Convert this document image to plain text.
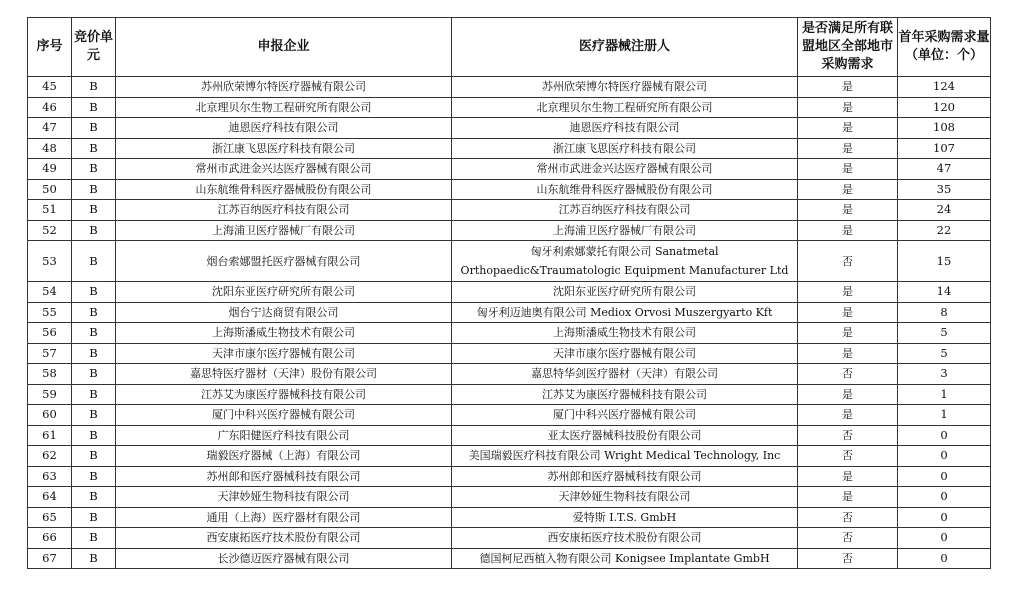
序号	竞价单元	申报企业	医疗器械注册人	是否满足所有联盟地区全部地市采购需求	首年采购需求量（单位：个）
45	B	苏州欣荣博尔特医疗器械有限公司	苏州欣荣博尔特医疗器械有限公司	是	124
46	B	北京理贝尔生物工程研究所有限公司	北京理贝尔生物工程研究所有限公司	是	120
47	B	迪恩医疗科技有限公司	迪恩医疗科技有限公司	是	108
48	B	浙江康飞思医疗科技有限公司	浙江康飞思医疗科技有限公司	是	107
49	B	常州市武进金兴达医疗器械有限公司	常州市武进金兴达医疗器械有限公司	是	47
50	B	山东航维骨科医疗器械股份有限公司	山东航维骨科医疗器械股份有限公司	是	35
51	B	江苏百纳医疗科技有限公司	江苏百纳医疗科技有限公司	是	24
52	B	上海浦卫医疗器械厂有限公司	上海浦卫医疗器械厂有限公司	是	22
53	B	烟台索娜盟托医疗器械有限公司	匈牙利索娜蒙托有限公司 Sanatmetal
Orthopaedic&Traumatologic Equipment Manufacturer Ltd	否	15
54	B	沈阳东亚医疗研究所有限公司	沈阳东亚医疗研究所有限公司	是	14
55	B	烟台宁达商贸有限公司	匈牙利迈迪奥有限公司 Mediox Orvosi Muszergyarto Kft	是	8
56	B	上海斯潘威生物技术有限公司	上海斯潘威生物技术有限公司	是	5
57	B	天津市康尔医疗器械有限公司	天津市康尔医疗器械有限公司	是	5
58	B	嘉思特医疗器材（天津）股份有限公司	嘉思特华剑医疗器材（天津）有限公司	否	3
59	B	江苏艾为康医疗器械科技有限公司	江苏艾为康医疗器械科技有限公司	是	1
60	B	厦门中科兴医疗器械有限公司	厦门中科兴医疗器械有限公司	是	1
61	B	广东阳健医疗科技有限公司	亚太医疗器械科技股份有限公司	否	0
62	B	瑞毅医疗器械（上海）有限公司	美国瑞毅医疗科技有限公司 Wright Medical Technology, Inc	否	0
63	B	苏州郎和医疗器械科技有限公司	苏州郎和医疗器械科技有限公司	是	0
64	B	天津妙娅生物科技有限公司	天津妙娅生物科技有限公司	是	0
65	B	通用（上海）医疗器材有限公司	爱特斯 I.T.S. GmbH	否	0
66	B	西安康拓医疗技术股份有限公司	西安康拓医疗技术股份有限公司	否	0
67	B	长沙德迈医疗器械有限公司	德国柯尼西植入物有限公司 Konigsee Implantate GmbH	否	0
